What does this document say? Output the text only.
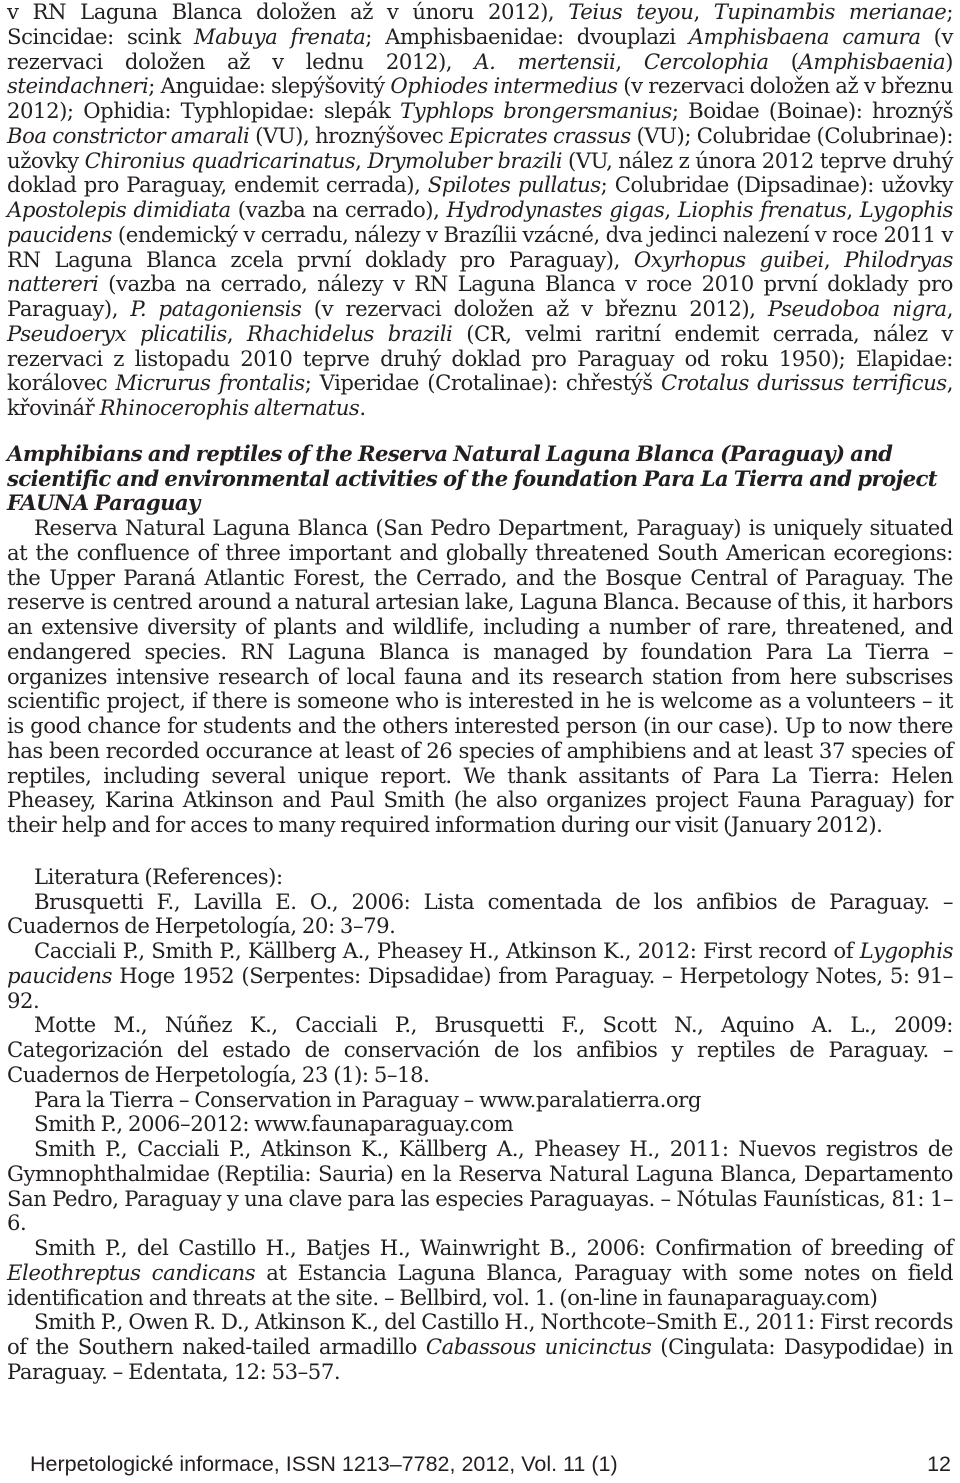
v RN Laguna Blanca doložen až v únoru 2012), Teius teyou, Tupinambis merianae; Scincidae: scink Mabuya frenata; Amphisbaenidae: dvouplazi Amphisbaena camura (v rezervaci doložen až v lednu 2012), A. mertensii, Cercolophia (Amphisbaenia) steindachneri; Anguidae: slepýšovitý Ophiodes intermedius (v rezervaci doložen až v březnu 2012); Ophidia: Typhlopidae: slepák Typhlops brongersmanius; Boidae (Boinae): hroznýš Boa constrictor amarali (VU), hroznýšovec Epicrates crassus (VU); Colubridae (Colubrinae): užovky Chironius quadricarinatus, Drymoluber brazili (VU, nález z února 2012 teprve druhý doklad pro Paraguay, endemit cerrada), Spilotes pullatus; Colubridae (Dipsadinae): užovky Apostolepis dimidiata (vazba na cerrado), Hydrodynastes gigas, Liophis frenatus, Lygophis paucidens (endemický v cerradu, nálezy v Brazílii vzácné, dva jedinci nalezení v roce 2011 v RN Laguna Blanca zcela první doklady pro Paraguay), Oxyrhopus guibei, Philodryas nattereri (vazba na cerrado, nálezy v RN Laguna Blanca v roce 2010 první doklady pro Paraguay), P. patagoniensis (v rezervaci doložen až v březnu 2012), Pseudoboa nigra, Pseudoeryx plicatilis, Rhachidelus brazili (CR, velmi raritní endemit cerrada, nález v rezervaci z listopadu 2010 teprve druhý doklad pro Paraguay od roku 1950); Elapidae: korálovec Micrurus frontalis; Viperidae (Crotalinae): chřestýš Crotalus durissus terrificus, křovinář Rhinocerophis alternatus.

Amphibians and reptiles of the Reserva Natural Laguna Blanca (Paraguay) and scientific and environmental activities of the foundation Para La Tierra and project FAUNA Paraguay

Reserva Natural Laguna Blanca (San Pedro Department, Paraguay) is uniquely situated at the confluence of three important and globally threatened South American ecoregions: the Upper Paraná Atlantic Forest, the Cerrado, and the Bosque Central of Paraguay. The reserve is centred around a natural artesian lake, Laguna Blanca. Because of this, it harbors an extensive diversity of plants and wildlife, including a number of rare, threatened, and endangered species. RN Laguna Blanca is managed by foundation Para La Tierra – organizes intensive research of local fauna and its research station from here subscrises scientific project, if there is someone who is interested in he is welcome as a volunteers – it is good chance for students and the others interested person (in our case). Up to now there has been recorded occurance at least of 26 species of amphibiens and at least 37 species of reptiles, including several unique report. We thank assitants of Para La Tierra: Helen Pheasey, Karina Atkinson and Paul Smith (he also organizes project Fauna Paraguay) for their help and for acces to many required information during our visit (January 2012).

Literatura (References):

Brusquetti F., Lavilla E. O., 2006: Lista comentada de los anfibios de Paraguay. – Cuadernos de Herpetología, 20: 3–79.

Cacciali P., Smith P., Källberg A., Pheasey H., Atkinson K., 2012: First record of Lygophis paucidens Hoge 1952 (Serpentes: Dipsadidae) from Paraguay. – Herpetology Notes, 5: 91–92.

Motte M., Núñez K., Cacciali P., Brusquetti F., Scott N., Aquino A. L., 2009: Categorización del estado de conservación de los anfibios y reptiles de Paraguay. – Cuadernos de Herpetología, 23 (1): 5–18.

Para la Tierra – Conservation in Paraguay – www.paralatierra.org

Smith P., 2006–2012: www.faunaparaguay.com

Smith P., Cacciali P., Atkinson K., Källberg A., Pheasey H., 2011: Nuevos registros de Gymnophthalmidae (Reptilia: Sauria) en la Reserva Natural Laguna Blanca, Departamento San Pedro, Paraguay y una clave para las especies Paraguayas. – Nótulas Faunísticas, 81: 1–6.

Smith P., del Castillo H., Batjes H., Wainwright B., 2006: Confirmation of breeding of Eleothreptus candicans at Estancia Laguna Blanca, Paraguay with some notes on field identification and threats at the site. – Bellbird, vol. 1. (on-line in faunaparaguay.com)

Smith P., Owen R. D., Atkinson K., del Castillo H., Northcote–Smith E., 2011: First records of the Southern naked-tailed armadillo Cabassous unicinctus (Cingulata: Dasypodidae) in Paraguay. – Edentata, 12: 53–57.

Herpetologické informace, ISSN 1213–7782, 2012, Vol. 11 (1)	12
